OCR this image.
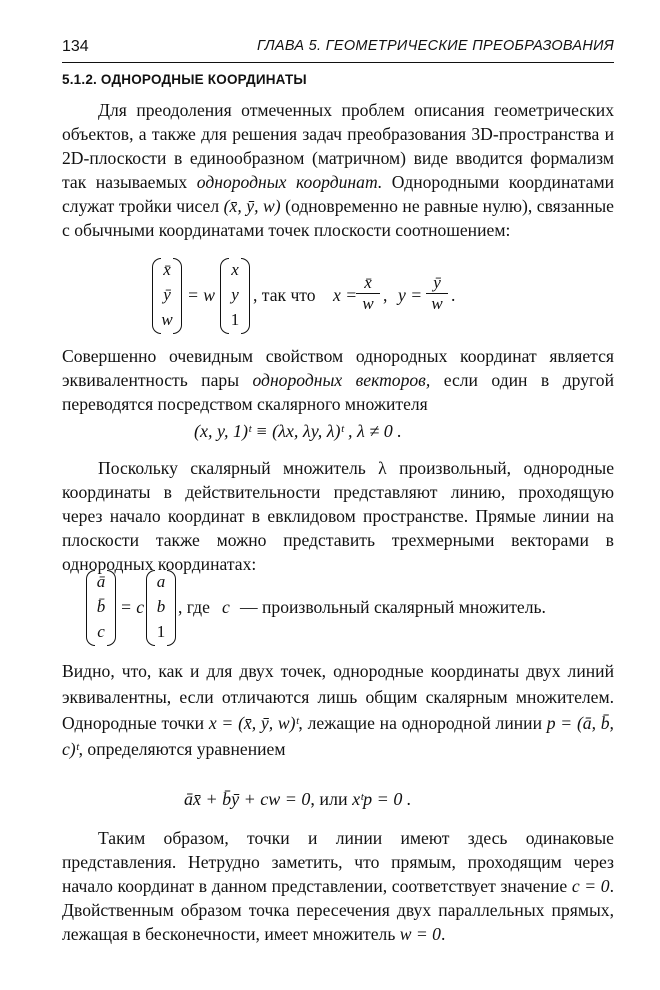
134	ГЛАВА 5. ГЕОМЕТРИЧЕСКИЕ ПРЕОБРАЗОВАНИЯ
5.1.2. ОДНОРОДНЫЕ КООРДИНАТЫ

Для преодоления отмеченных проблем описания геометрических объектов, а также для решения задач преобразования 3D-пространства и 2D-плоскости в единообразном (матричном) виде вводится формализм так называемых однородных координат. Однородными координатами служат тройки чисел (x̄, ȳ, w) (одновременно не равные нулю), связанные с обычными координатами точек плоскости соотношением:

x̄
ȳ
w
= w
x
y
1
, так что x =
$\frac{x̄}{w}$ , $y = \frac{ȳ}{w}$ .

Совершенно очевидным свойством однородных координат является эквивалентность пары однородных векторов, если один в другой переводятся посредством скалярного множителя

(x, y, 1)ᵗ ≡ (λx, λy, λ)ᵗ , λ ≠ 0 .

Поскольку скалярный множитель λ произвольный, однородные координаты в действительности представляют линию, проходящую через начало координат в евклидовом пространстве. Прямые линии на плоскости также можно представить трехмерными векторами в однородных координатах:

ā
b̄
c
= c
a
b
1
, где c — произвольный скалярный множитель.

Видно, что, как и для двух точек, однородные координаты двух линий эквивалентны, если отличаются лишь общим скалярным множителем. Однородные точки x = (x̄, ȳ, w)ᵗ, лежащие на однородной линии p = (ā, b̄, c)ᵗ, определяются уравнением

āx̄ + b̄ȳ + cw = 0, или xᵗp = 0 .

Таким образом, точки и линии имеют здесь одинаковые представления. Нетрудно заметить, что прямым, проходящим через начало координат в данном представлении, соответствует значение c = 0. Двойственным образом точка пересечения двух параллельных прямых, лежащая в бесконечности, имеет множитель w = 0.
